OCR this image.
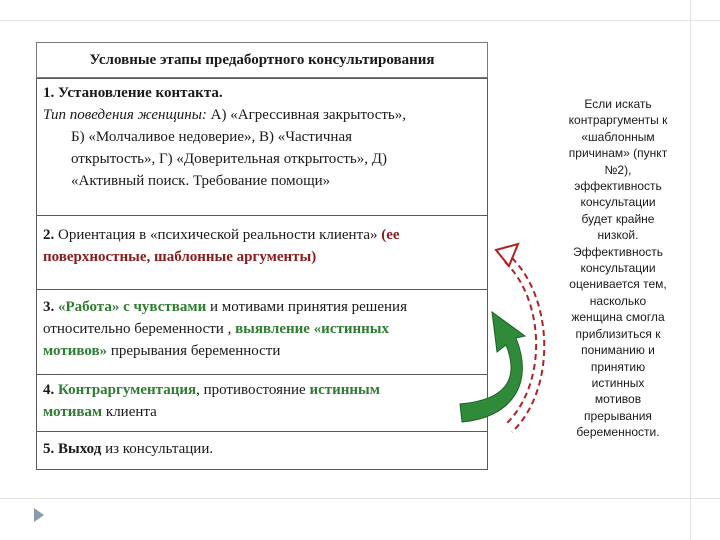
Условные этапы предабортного консультирования
1. Установление контакта.
Тип поведения женщины: А) «Агрессивная закрытость»,
Б) «Молчаливое недоверие», В) «Частичная
открытость», Г) «Доверительная открытость», Д)
«Активный поиск. Требование помощи»
2. Ориентация в «психической реальности клиента» (ее
поверхностные, шаблонные аргументы)
3. «Работа» с чувствами и мотивами принятия решения
относительно беременности , выявление «истинных
мотивов» прерывания беременности
4. Контраргументация, противостояние истинным
мотивам клиента
5. Выход из консультации.
Если искать
контраргументы к
«шаблонным
причинам» (пункт
№2),
эффективность
консультации
будет крайне
низкой.
Эффективность
консультации
оценивается тем,
насколько
женщина смогла
приблизиться к
пониманию и
принятию
истинных
мотивов
прерывания
беременности.
